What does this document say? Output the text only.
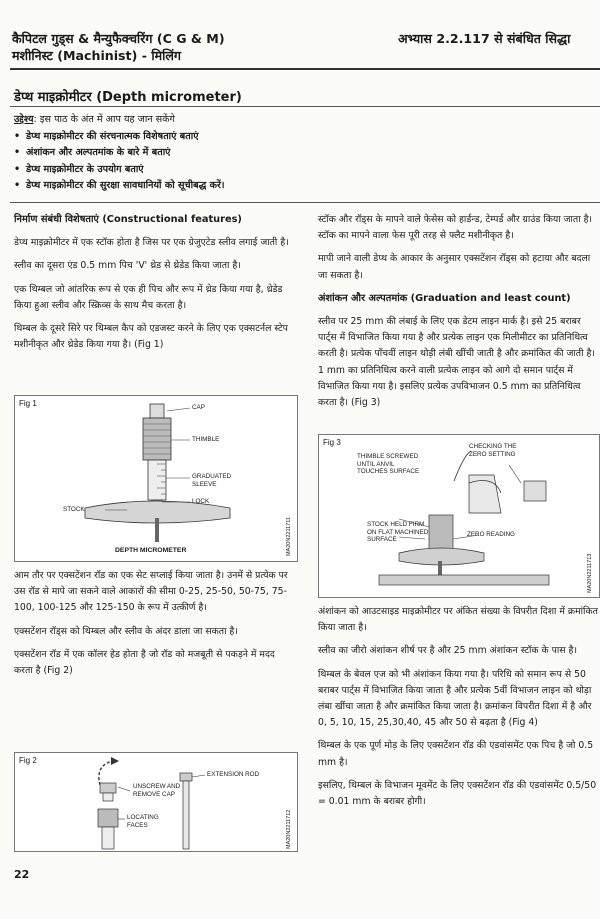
कैपिटल गुड्स & मैन्युफैक्चरिंग (C G & M)
मशीनिस्ट (Machinist) - मिलिंग
अभ्यास 2.2.117 से संबंधित सिद्धा
डेप्थ माइक्रोमीटर (Depth micrometer)
उद्देश्य: इस पाठ के अंत में आप यह जान सकेंगे
• डेप्थ माइक्रोमीटर की संरचनात्मक विशेषताएं बताएं
• अंशांकन और अल्पतमांक के बारे में बताएं
• डेप्थ माइक्रोमीटर के उपयोग बताएं
• डेप्थ माइक्रोमीटर की सुरक्षा सावधानियों को सूचीबद्ध करें।
निर्माण संबंधी विशेषताएं (Constructional features)

डेप्थ माइक्रोमीटर में एक स्टॉक होता है जिस पर एक ग्रेजुएटेड स्लीव लगाई जाती है।

स्लीव का दूसरा एंड 0.5 mm पिच 'V' थ्रेड से थ्रेडेड किया जाता है।

एक थिम्बल जो आंतरिक रूप से एक ही पिच और रूप में थ्रेड किया गया है, थ्रेडेड किया हुआ स्लीव और स्क्रिव्स के साथ मैच करता है।

थिम्बल के दूसरे सिरे पर थिम्बल कैप को एडजस्ट करने के लिए एक एक्सटर्नल स्टेप मशीनीकृत और थ्रेडेड किया गया है। (Fig 1)

Fig 1	CAP
THIMBLE
GRADUATED
SLEEVE
LOCK
STOCK
DEPTH MICROMETER	MA20N2211711

आम तौर पर एक्सटेंशन रॉड का एक सेट सप्लाई किया जाता है। उनमें से प्रत्येक पर उस रॉड से मापे जा सकने वाले आकारों की सीमा 0-25, 25-50, 50-75, 75-100, 100-125 और 125-150 के रूप में उत्कीर्ण है।

एक्सटेंशन रॉड्स को थिम्बल और स्लीव के अंदर डाला जा सकता है।

एक्सटेंशन रॉड में एक कॉलर हेड होता है जो रॉड को मजबूती से पकड़ने में मदद करता है (Fig 2)

Fig 2
UNSCREW AND
REMOVE CAP
LOCATING
FACES
EXTENSION ROD
MA20N2211712

स्टॉक और रॉड्स के मापने वाले फेसेस को हार्डन्ड, टेम्पर्ड और ग्राउंड किया जाता है। स्टॉक का मापने वाला फेस पूरी तरह से फ्लैट मशीनीकृत है।

मापी जाने वाली डेप्थ के आकार के अनुसार एक्सटेंशन रॉड्स को हटाया और बदला जा सकता है।

अंशांकन और अल्पतमांक (Graduation and least count)

स्लीव पर 25 mm की लंबाई के लिए एक डेटम लाइन मार्क है। इसे 25 बराबर पार्ट्स में विभाजित किया गया है और प्रत्येक लाइन एक मिलीमीटर का प्रतिनिधित्व करती है। प्रत्येक पाँचवीं लाइन थोड़ी लंबी खींची जाती है और क्रमांकित की जाती है। 1 mm का प्रतिनिधित्व करने वाली प्रत्येक लाइन को आगे दो समान पार्ट्स में विभाजित किया गया है। इसलिए प्रत्येक उपविभाजन 0.5 mm का प्रतिनिधित्व करता है। (Fig 3)

Fig 3
THIMBLE SCREWED
UNTIL ANVIL
TOUCHES SURFACE
CHECKING THE
ZERO SETTING
STOCK HELD FIRM
ON FLAT MACHINED
SURFACE
ZERO READING
MA20N2211713

अंशांकन को आउटसाइड माइक्रोमीटर पर अंकित संख्या के विपरीत दिशा में क्रमांकित किया जाता है।

स्लीव का जीरो अंशांकन शीर्ष पर है और 25 mm अंशांकन स्टॉक के पास है।

थिम्बल के बेवल एज को भी अंशांकन किया गया है। परिधि को समान रूप से 50 बराबर पार्ट्स में विभाजित किया जाता है और प्रत्येक 5वीं विभाजन लाइन को थोड़ा लंबा खींचा जाता है और क्रमांकित किया जाता है। क्रमांकन विपरीत दिशा में है और 0, 5, 10, 15, 25,30,40, 45 और 50 से बढ़ता है (Fig 4)

थिम्बल के एक पूर्ण मोड़ के लिए एक्सटेंशन रॉड की एडवांसमेंट एक पिच है जो 0.5 mm है।

इसलिए, थिम्बल के विभाजन मूवमेंट के लिए एक्सटेंशन रॉड की एडवांसमेंट 0.5/50 = 0.01 mm के बराबर होगी।

22
